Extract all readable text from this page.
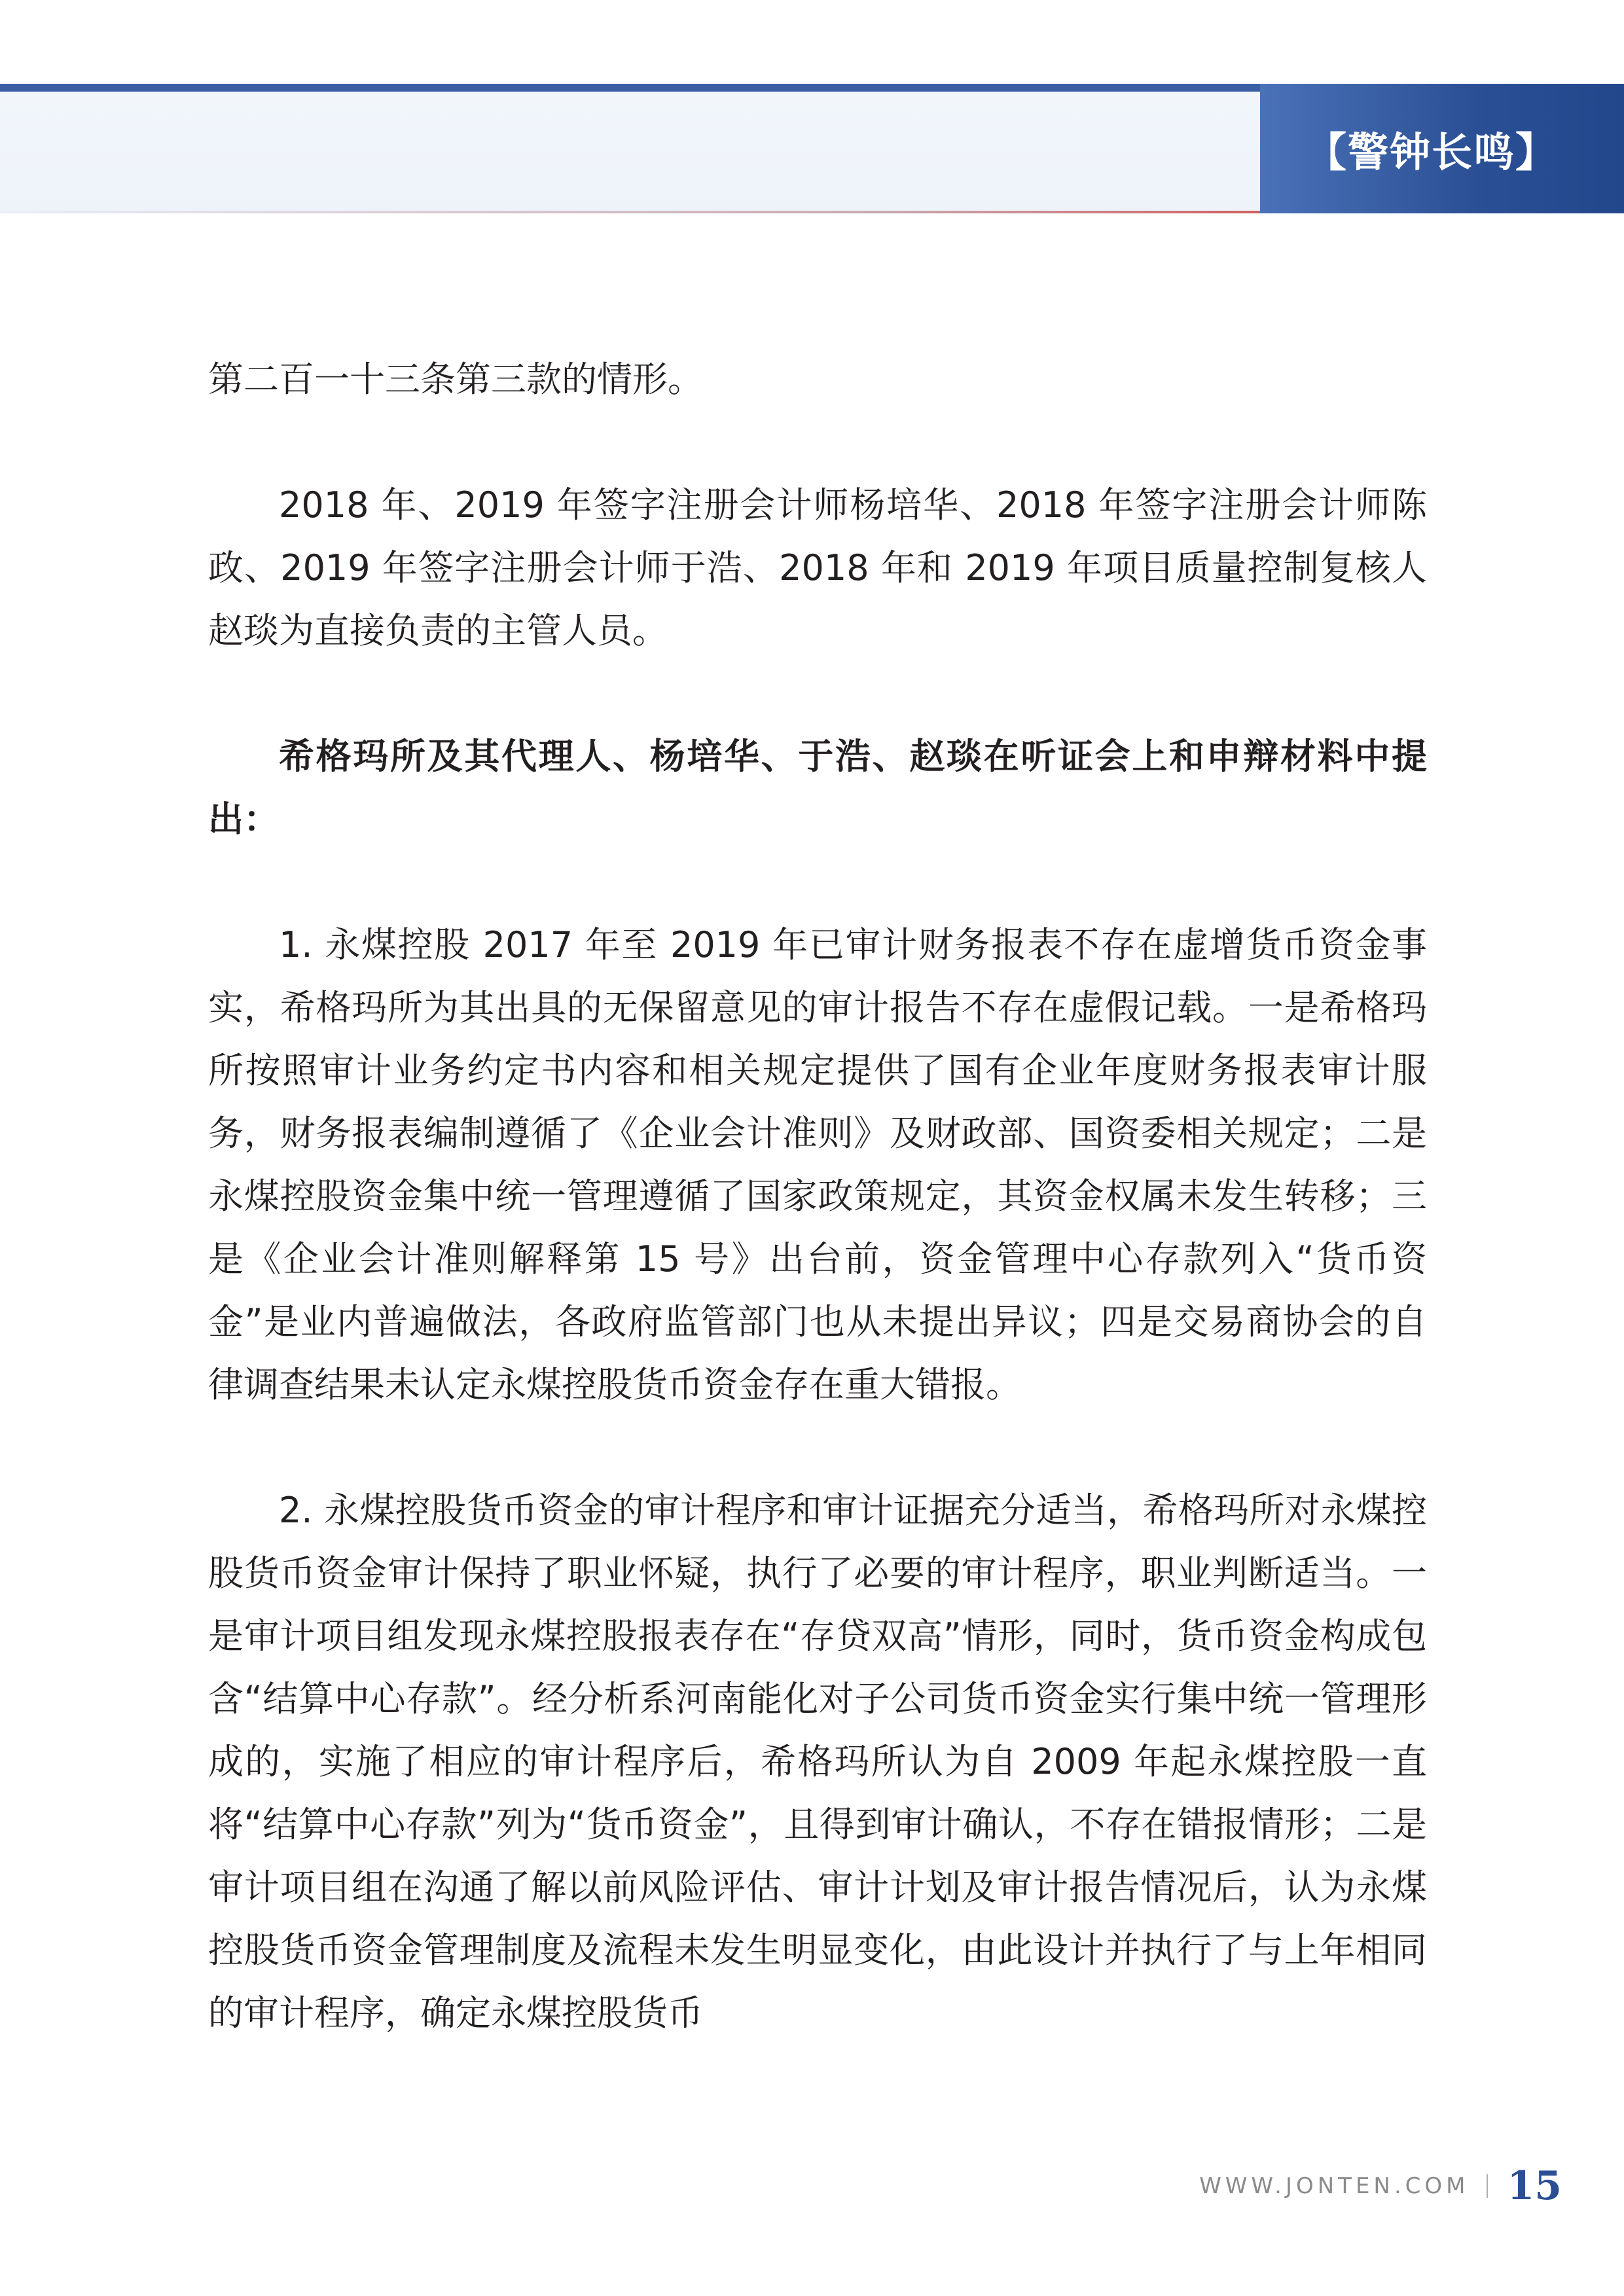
【警钟长鸣】

第二百一十三条第三款的情形。

2018 年、2019 年签字注册会计师杨培华、2018 年签字注册会计师陈政、2019 年签字注册会计师于浩、2018 年和 2019 年项目质量控制复核人赵琰为直接负责的主管人员。

希格玛所及其代理人、杨培华、于浩、赵琰在听证会上和申辩材料中提出：

1. 永煤控股 2017 年至 2019 年已审计财务报表不存在虚增货币资金事实，希格玛所为其出具的无保留意见的审计报告不存在虚假记载。一是希格玛所按照审计业务约定书内容和相关规定提供了国有企业年度财务报表审计服务，财务报表编制遵循了《企业会计准则》及财政部、国资委相关规定；二是永煤控股资金集中统一管理遵循了国家政策规定，其资金权属未发生转移；三是《企业会计准则解释第 15 号》出台前，资金管理中心存款列入“货币资金”是业内普遍做法，各政府监管部门也从未提出异议；四是交易商协会的自律调查结果未认定永煤控股货币资金存在重大错报。

2. 永煤控股货币资金的审计程序和审计证据充分适当，希格玛所对永煤控股货币资金审计保持了职业怀疑，执行了必要的审计程序，职业判断适当。一是审计项目组发现永煤控股报表存在“存贷双高”情形，同时，货币资金构成包含“结算中心存款”。经分析系河南能化对子公司货币资金实行集中统一管理形成的，实施了相应的审计程序后，希格玛所认为自 2009 年起永煤控股一直将“结算中心存款”列为“货币资金”，且得到审计确认，不存在错报情形；二是审计项目组在沟通了解以前风险评估、审计计划及审计报告情况后，认为永煤控股货币资金管理制度及流程未发生明显变化，由此设计并执行了与上年相同的审计程序，确定永煤控股货币

WWW.JONTEN.COM 15
